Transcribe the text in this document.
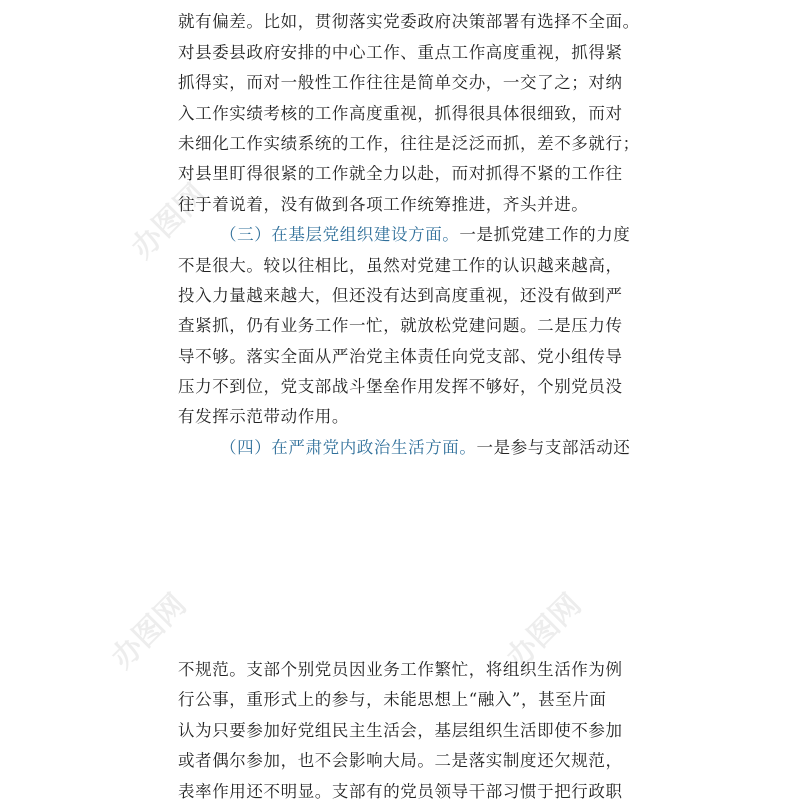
办图网
办图网	办图网
就有偏差。比如，贯彻落实党委政府决策部署有选择不全面。
对县委县政府安排的中心工作、重点工作高度重视，抓得紧
抓得实，而对一般性工作往往是简单交办，一交了之；对纳
入工作实绩考核的工作高度重视，抓得很具体很细致，而对
未细化工作实绩系统的工作，往往是泛泛而抓，差不多就行；
对县里盯得很紧的工作就全力以赴，而对抓得不紧的工作往
往于着说着，没有做到各项工作统筹推进，齐头并进。
（三）在基层党组织建设方面。一是抓党建工作的力度
不是很大。较以往相比，虽然对党建工作的认识越来越高，
投入力量越来越大，但还没有达到高度重视，还没有做到严
查紧抓，仍有业务工作一忙，就放松党建问题。二是压力传
导不够。落实全面从严治党主体责任向党支部、党小组传导
压力不到位，党支部战斗堡垒作用发挥不够好，个别党员没
有发挥示范带动作用。
（四）在严肃党内政治生活方面。一是参与支部活动还
不规范。支部个别党员因业务工作繁忙，将组织生活作为例
行公事，重形式上的参与，未能思想上“融入”，甚至片面
认为只要参加好党组民主生活会，基层组织生活即使不参加
或者偶尔参加，也不会影响大局。二是落实制度还欠规范，
表率作用还不明显。支部有的党员领导干部习惯于把行政职
